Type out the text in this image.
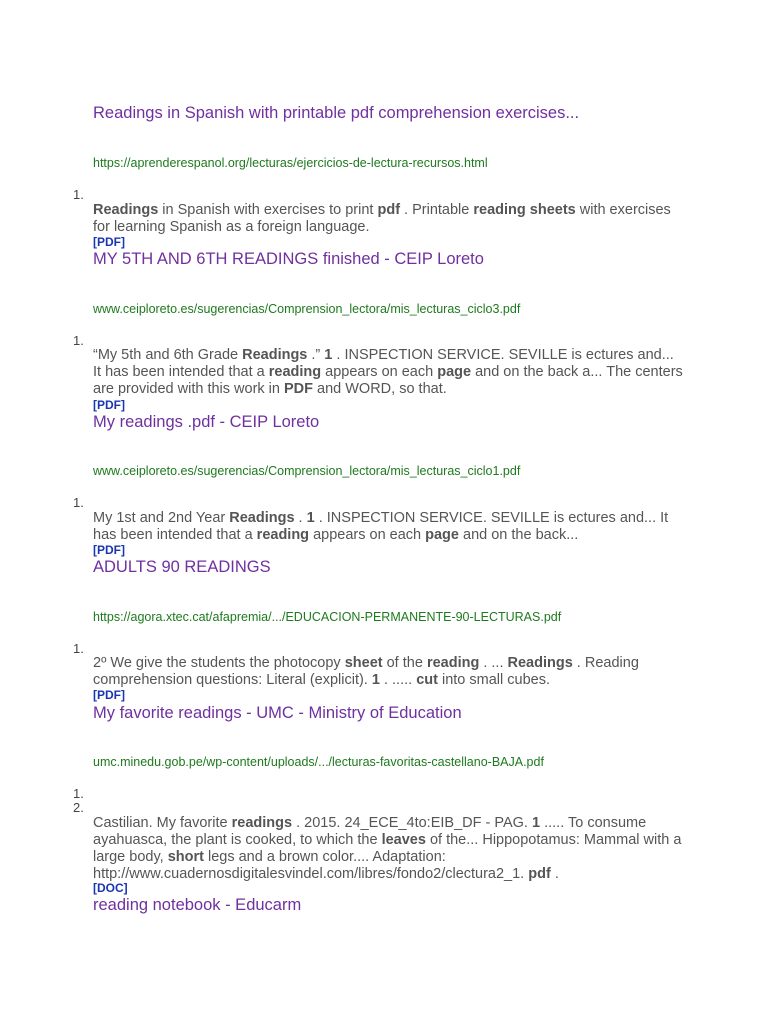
Readings in Spanish with printable pdf comprehension exercises...
https://aprenderespanol.org/lecturas/ejercicios-de-lectura-recursos.html
1.
Readings in Spanish with exercises to print pdf . Printable reading sheets with exercises for learning Spanish as a foreign language.
[PDF]
MY 5TH AND 6TH READINGS finished - CEIP Loreto
www.ceiploreto.es/sugerencias/Comprension_lectora/mis_lecturas_ciclo3.pdf
1.
“My 5th and 6th Grade Readings .” 1 . INSPECTION SERVICE. SEVILLE is ectures and... It has been intended that a reading appears on each page and on the back a... The centers are provided with this work in PDF and WORD, so that.
[PDF]
My readings .pdf - CEIP Loreto
www.ceiploreto.es/sugerencias/Comprension_lectora/mis_lecturas_ciclo1.pdf
1.
My 1st and 2nd Year Readings . 1 . INSPECTION SERVICE. SEVILLE is ectures and... It has been intended that a reading appears on each page and on the back...
[PDF]
ADULTS 90 READINGS
https://agora.xtec.cat/afapremia/.../EDUCACION-PERMANENTE-90-LECTURAS.pdf
1.
2º We give the students the photocopy sheet of the reading . ... Readings . Reading comprehension questions: Literal (explicit). 1 . ..... cut into small cubes.
[PDF]
My favorite readings - UMC - Ministry of Education
umc.minedu.gob.pe/wp-content/uploads/.../lecturas-favoritas-castellano-BAJA.pdf
1.
2.
Castilian. My favorite readings . 2015. 24_ECE_4to:EIB_DF - PAG. 1 ..... To consume ayahuasca, the plant is cooked, to which the leaves of the... Hippopotamus: Mammal with a large body, short legs and a brown color.... Adaptation: http://www.cuadernosdigitalesvindel.com/libres/fondo2/clectura2_1. pdf .
[DOC]
reading notebook - Educarm
